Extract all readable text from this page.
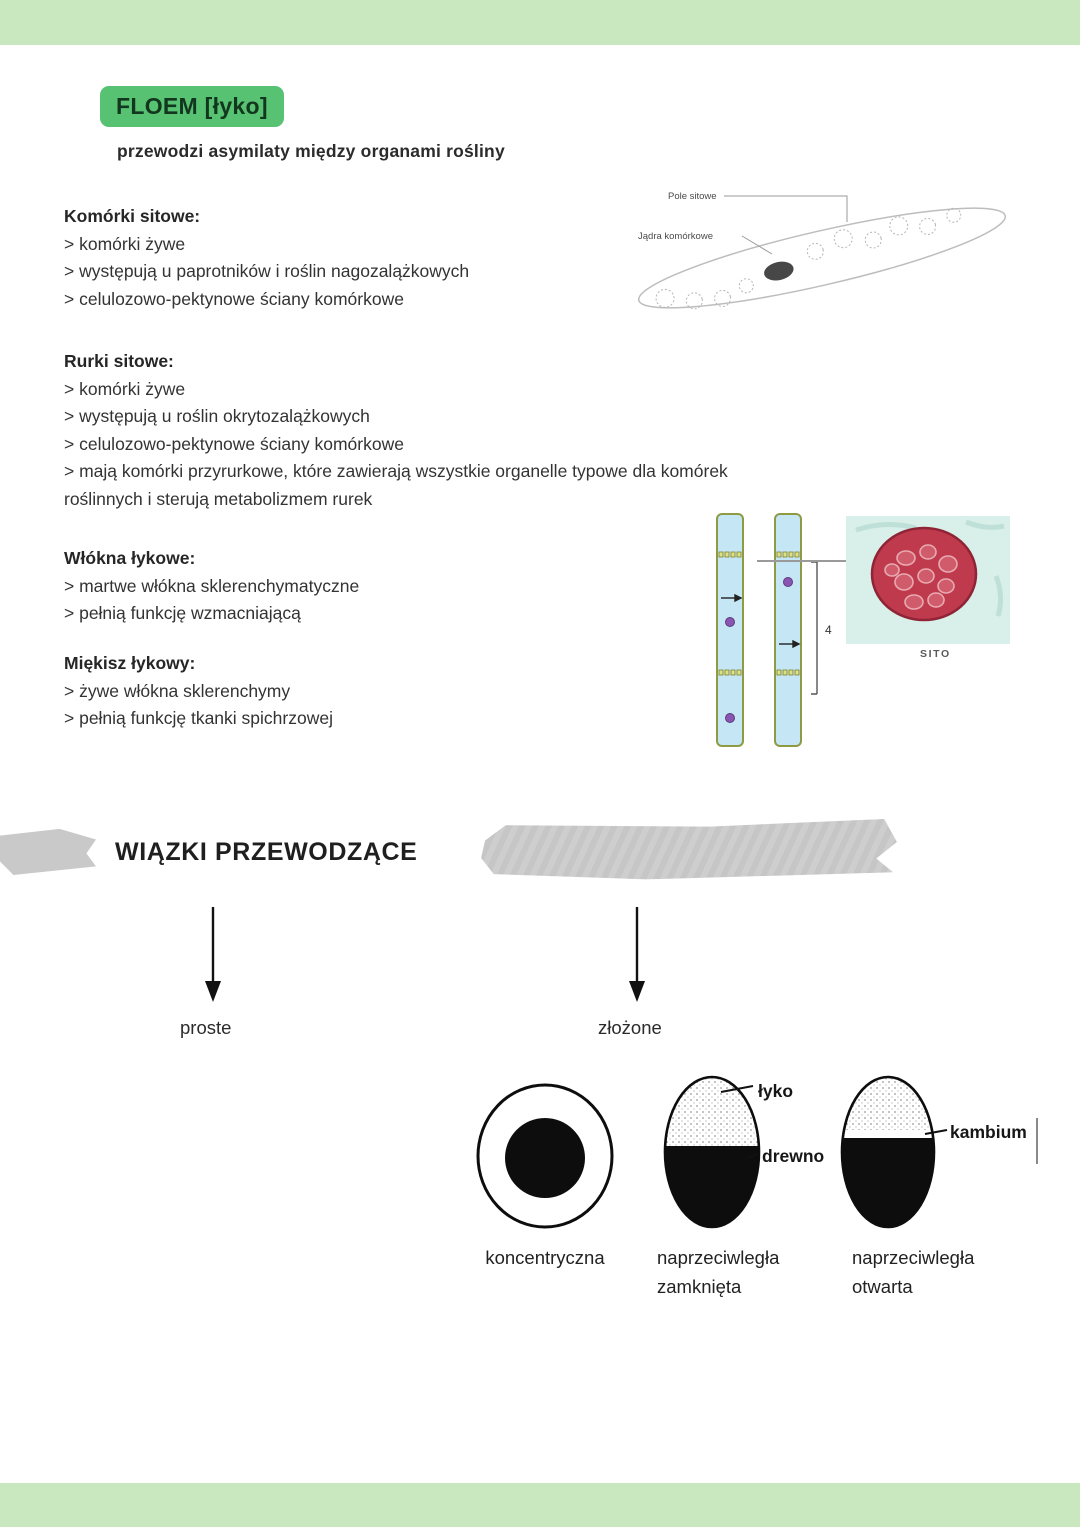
FLOEM [łyko]
przewodzi asymilaty między organami rośliny
Komórki sitowe:
> komórki żywe
> występują u paprotników i roślin nagozalążkowych
> celulozowo-pektynowe ściany komórkowe
Rurki sitowe:
> komórki żywe
> występują u roślin okrytozalążkowych
> celulozowo-pektynowe ściany komórkowe
> mają komórki przyrurkowe, które zawierają wszystkie organelle typowe dla komórek roślinnych i sterują metabolizmem rurek
Włókna łykowe:
> martwe włókna sklerenchymatyczne
> pełnią funkcję wzmacniającą
Miękisz łykowy:
> żywe włókna sklerenchymy
> pełnią funkcję tkanki spichrzowej
Pole sitowe
Jądra komórkowe
4
SITO
WIĄZKI PRZEWODZĄCE
proste	złożone
łyko
drewno
kambium
koncentryczna	naprzeciwległa zamknięta
naprzeciwległa otwarta
